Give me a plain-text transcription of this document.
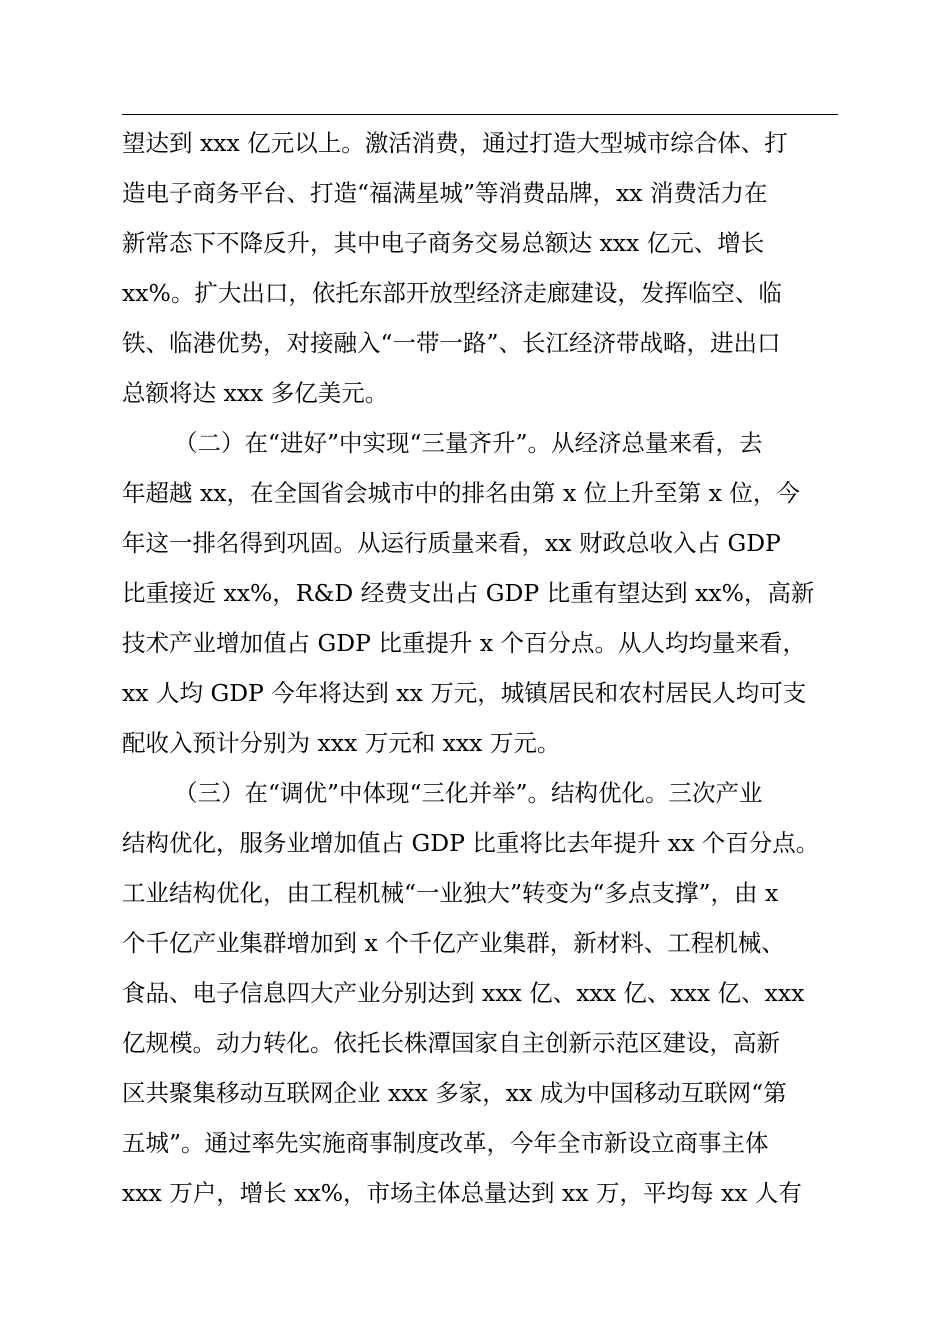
望达到 xxx 亿元以上。激活消费，通过打造大型城市综合体、打
造电子商务平台、打造“福满星城”等消费品牌，xx 消费活力在
新常态下不降反升，其中电子商务交易总额达 xxx 亿元、增长
xx%。扩大出口，依托东部开放型经济走廊建设，发挥临空、临
铁、临港优势，对接融入“一带一路”、长江经济带战略，进出口
总额将达 xxx 多亿美元。
（二）在“进好”中实现“三量齐升”。从经济总量来看，去
年超越 xx，在全国省会城市中的排名由第 x 位上升至第 x 位，今
年这一排名得到巩固。从运行质量来看，xx 财政总收入占 GDP
比重接近 xx%，R&D 经费支出占 GDP 比重有望达到 xx%，高新
技术产业增加值占 GDP 比重提升 x 个百分点。从人均均量来看，
xx 人均 GDP 今年将达到 xx 万元，城镇居民和农村居民人均可支
配收入预计分别为 xxx 万元和 xxx 万元。
（三）在“调优”中体现“三化并举”。结构优化。三次产业
结构优化，服务业增加值占 GDP 比重将比去年提升 xx 个百分点。
工业结构优化，由工程机械“一业独大”转变为“多点支撑”，由 x
个千亿产业集群增加到 x 个千亿产业集群，新材料、工程机械、
食品、电子信息四大产业分别达到 xxx 亿、xxx 亿、xxx 亿、xxx
亿规模。动力转化。依托长株潭国家自主创新示范区建设，高新
区共聚集移动互联网企业 xxx 多家，xx 成为中国移动互联网“第
五城”。通过率先实施商事制度改革，今年全市新设立商事主体
xxx 万户，增长 xx%，市场主体总量达到 xx 万，平均每 xx 人有
